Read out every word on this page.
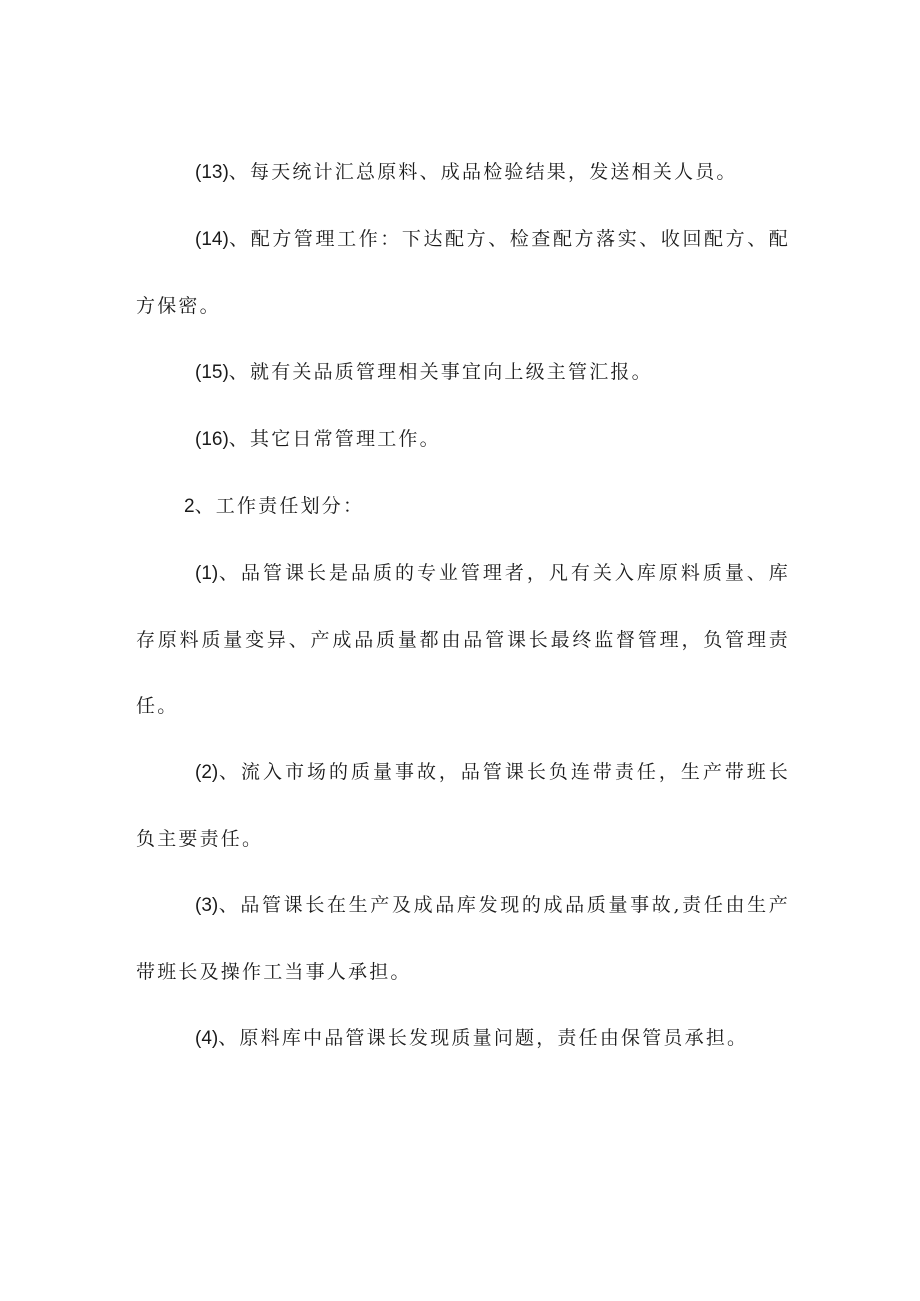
(13)、每天统计汇总原料、成品检验结果，发送相关人员。

(14)、配方管理工作：下达配方、检查配方落实、收回配方、配方保密。

(15)、就有关品质管理相关事宜向上级主管汇报。

(16)、其它日常管理工作。

2、工作责任划分：

(1)、品管课长是品质的专业管理者，凡有关入库原料质量、库存原料质量变异、产成品质量都由品管课长最终监督管理，负管理责任。

(2)、流入市场的质量事故，品管课长负连带责任，生产带班长负主要责任。

(3)、品管课长在生产及成品库发现的成品质量事故,责任由生产带班长及操作工当事人承担。

(4)、原料库中品管课长发现质量问题，责任由保管员承担。
